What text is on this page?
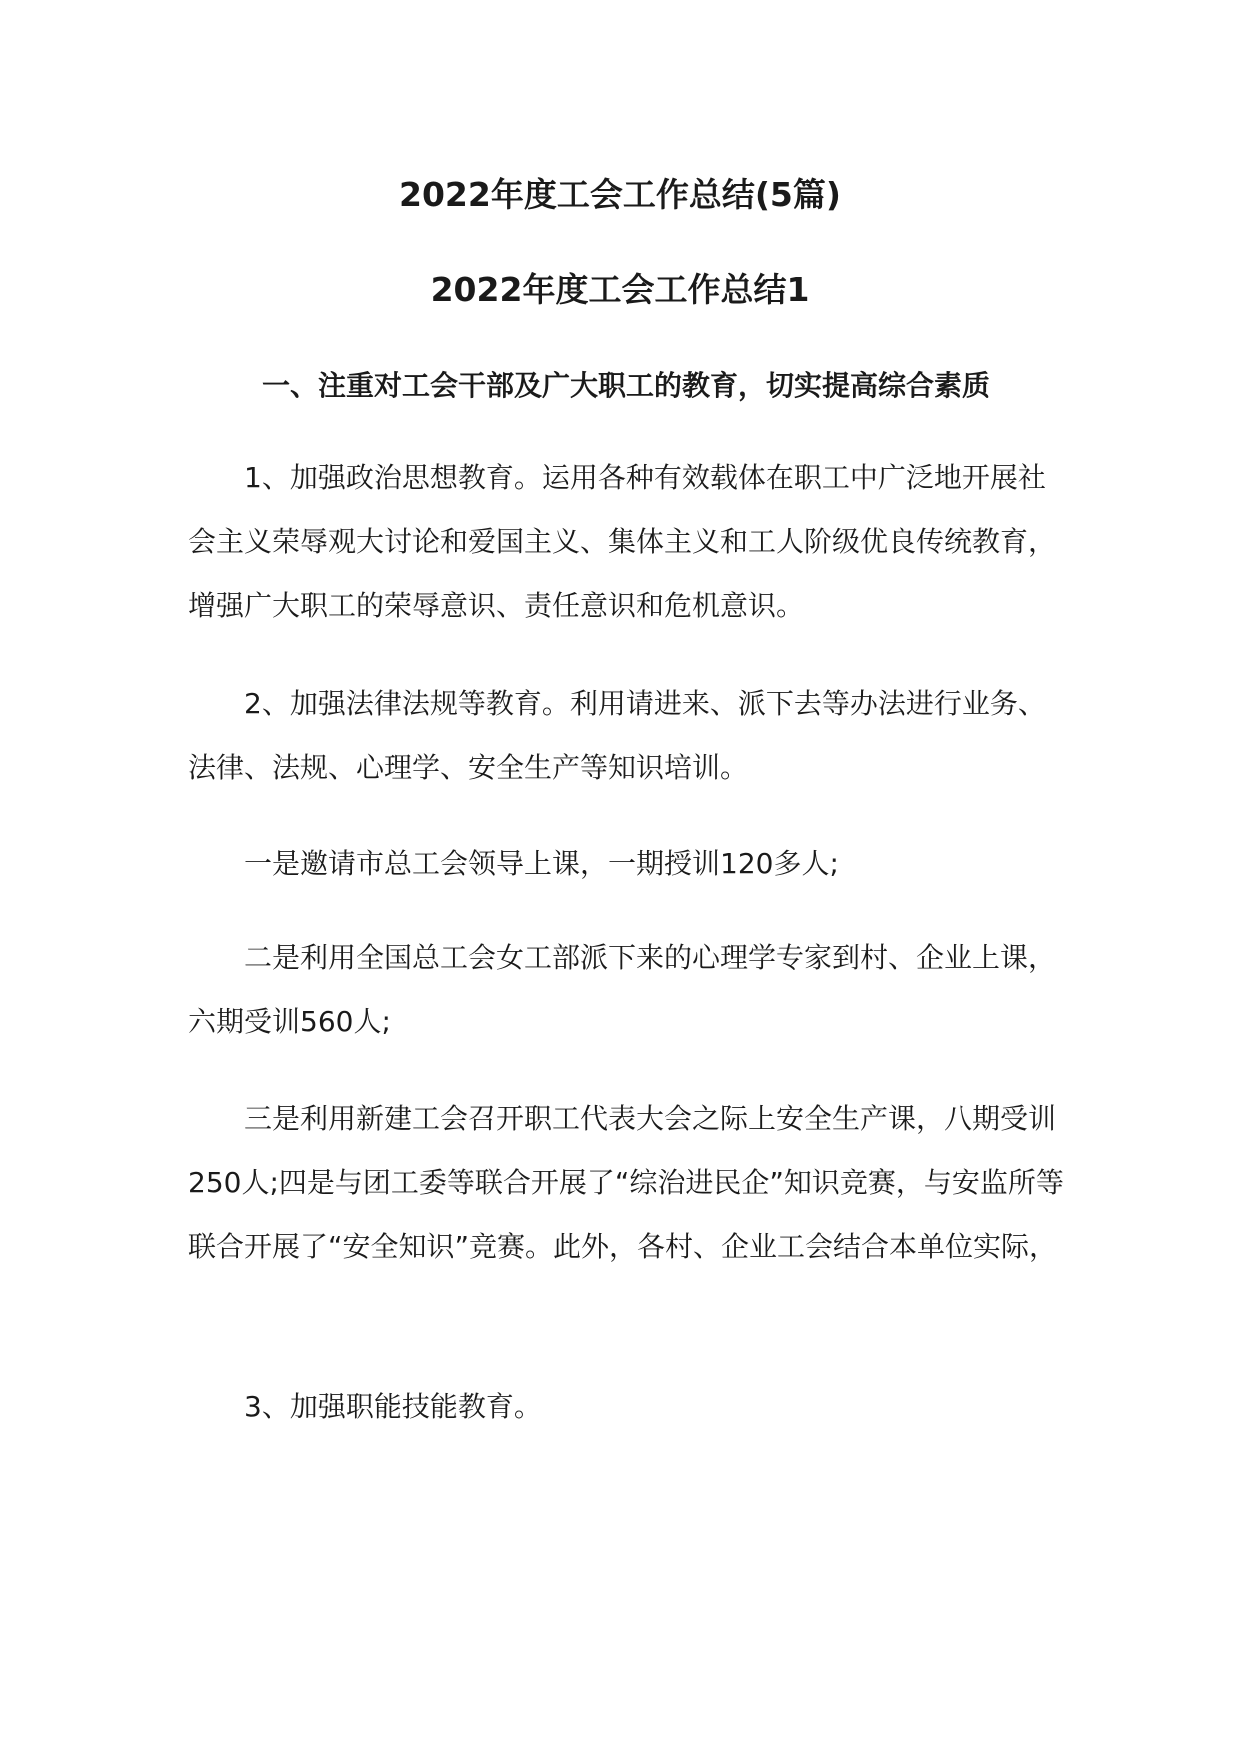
2022年度工会工作总结(5篇)
2022年度工会工作总结1
一、注重对工会干部及广大职工的教育，切实提高综合素质

1、加强政治思想教育。运用各种有效载体在职工中广泛地开展社会主义荣辱观大讨论和爱国主义、集体主义和工人阶级优良传统教育，增强广大职工的荣辱意识、责任意识和危机意识。

2、加强法律法规等教育。利用请进来、派下去等办法进行业务、法律、法规、心理学、安全生产等知识培训。

一是邀请市总工会领导上课，一期授训120多人;

二是利用全国总工会女工部派下来的心理学专家到村、企业上课，六期受训560人;

三是利用新建工会召开职工代表大会之际上安全生产课，八期受训250人;四是与团工委等联合开展了“综治进民企”知识竞赛，与安监所等联合开展了“安全知识”竞赛。此外，各村、企业工会结合本单位实际，

3、加强职能技能教育。
